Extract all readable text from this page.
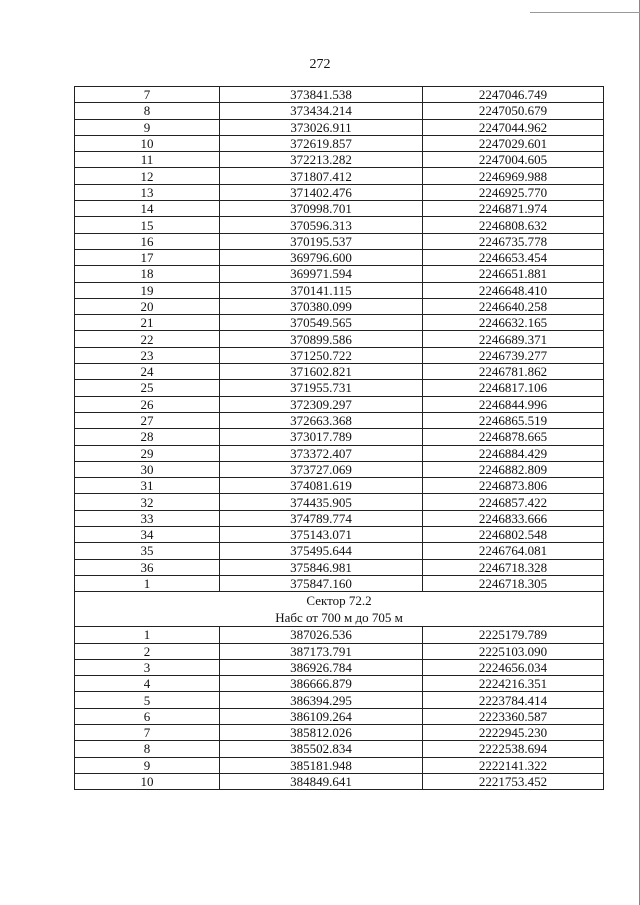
272
7	373841.538	2247046.749
8	373434.214	2247050.679
9	373026.911	2247044.962
10	372619.857	2247029.601
11	372213.282	2247004.605
12	371807.412	2246969.988
13	371402.476	2246925.770
14	370998.701	2246871.974
15	370596.313	2246808.632
16	370195.537	2246735.778
17	369796.600	2246653.454
18	369971.594	2246651.881
19	370141.115	2246648.410
20	370380.099	2246640.258
21	370549.565	2246632.165
22	370899.586	2246689.371
23	371250.722	2246739.277
24	371602.821	2246781.862
25	371955.731	2246817.106
26	372309.297	2246844.996
27	372663.368	2246865.519
28	373017.789	2246878.665
29	373372.407	2246884.429
30	373727.069	2246882.809
31	374081.619	2246873.806
32	374435.905	2246857.422
33	374789.774	2246833.666
34	375143.071	2246802.548
35	375495.644	2246764.081
36	375846.981	2246718.328
1	375847.160	2246718.305

Сектор 72.2
Набс от 700 м до 705 м		

1	387026.536	2225179.789
2	387173.791	2225103.090
3	386926.784	2224656.034
4	386666.879	2224216.351
5	386394.295	2223784.414
6	386109.264	2223360.587
7	385812.026	2222945.230
8	385502.834	2222538.694
9	385181.948	2222141.322
10	384849.641	2221753.452
